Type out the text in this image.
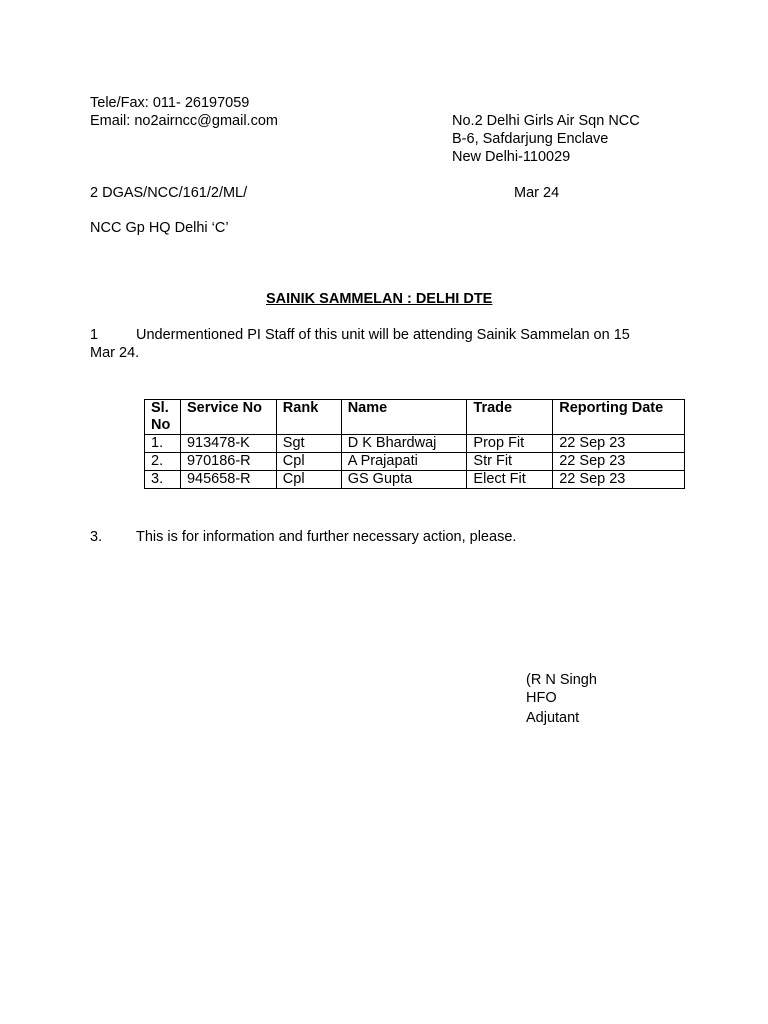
Tele/Fax: 011- 26197059
Email: no2airncc@gmail.com	No.2 Delhi Girls Air Sqn NCC
B-6, Safdarjung Enclave
New Delhi-110029
2 DGAS/NCC/161/2/ML/	Mar 24
NCC Gp HQ Delhi ‘C’
SAINIK SAMMELAN : DELHI DTE
1	Undermentioned PI Staff of this unit will be attending Sainik Sammelan on 15
Mar 24.
Sl.
No	Service No	Rank	Name	Trade	Reporting Date
1.	913478-K	Sgt	D K Bhardwaj	Prop Fit	22 Sep 23
2.	970186-R	Cpl	A Prajapati	Str Fit	22 Sep 23
3.	945658-R	Cpl	GS Gupta	Elect Fit	22 Sep 23
3. This is for information and further necessary action, please.
(R N Singh
HFO
Adjutant
